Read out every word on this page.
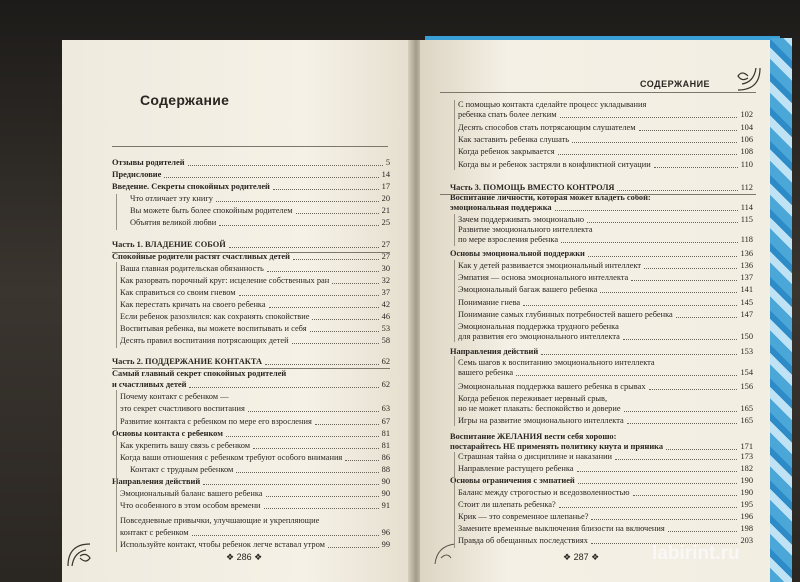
Содержание
СОДЕРЖАНИЕ
❖ 286 ❖	❖ 287 ❖	labirint.ru
Отзывы родителей	5
Предисловие	14
Введение. Секреты спокойных родителей	17
Что отличает эту книгу	20
Вы можете быть более спокойным родителем	21
Объятия великой любви	25
Часть 1. ВЛАДЕНИЕ СОБОЙ	27
Спокойные родители растят счастливых детей	27
Ваша главная родительская обязанность	30
Как разорвать порочный круг: исцеление собственных ран	32
Как справиться со своим гневом	37
Как перестать кричать на своего ребенка	42
Если ребенок разозлился: как сохранять спокойствие	46
Воспитывая ребенка, вы можете воспитывать и себя	53
Десять правил воспитания потрясающих детей	58
Часть 2. ПОДДЕРЖАНИЕ КОНТАКТА	62
Самый главный секрет спокойных родителей
и счастливых детей	62
Почему контакт с ребенком —
это секрет счастливого воспитания	63
Развитие контакта с ребенком по мере его взросления	67
Основы контакта с ребенком	81
Как укрепить вашу связь с ребенком	81
Когда ваши отношения с ребенком требуют особого внимания	86
Контакт с трудным ребенком	88
Направления действий	90
Эмоциональный баланс вашего ребенка	90
Что особенного в этом особом времени	91
Повседневные привычки, улучшающие и укрепляющие
контакт с ребенком	96
Используйте контакт, чтобы ребенок легче вставал утром	99
С помощью контакта сделайте процесс укладывания
ребенка спать более легким	102
Десять способов стать потрясающим слушателем	104
Как заставить ребенка слушать	106
Когда ребенок закрывается	108
Когда вы и ребенок застряли в конфликтной ситуации	110
Часть 3. ПОМОЩЬ ВМЕСТО КОНТРОЛЯ	112
Воспитание личности, которая может владеть собой:
эмоциональная поддержка	114
Зачем поддерживать эмоционально	115
Развитие эмоционального интеллекта
по мере взросления ребенка	118
Основы эмоциональной поддержки	136
Как у детей развивается эмоциональный интеллект	136
Эмпатия — основа эмоционального интеллекта	137
Эмоциональный багаж вашего ребенка	141
Понимание гнева	145
Понимание самых глубинных потребностей вашего ребенка	147
Эмоциональная поддержка трудного ребенка
для развития его эмоционального интеллекта	150
Направления действий	153
Семь шагов к воспитанию эмоционального интеллекта
вашего ребенка	154
Эмоциональная поддержка вашего ребенка в срывах	156
Когда ребенок переживает нервный срыв,
но не может плакать: беспокойство и доверие	165
Игры на развитие эмоционального интеллекта	165
Воспитание ЖЕЛАНИЯ вести себя хорошо:
постарайтесь НЕ применять политику кнута и пряника	171
Страшная тайна о дисциплине и наказании	173
Направление растущего ребенка	182
Основы ограничения с эмпатией	190
Баланс между строгостью и вседозволенностью	190
Стоит ли шлепать ребенка?	195
Крик — это современное шлепанье?	196
Замените временные выключения близости на включения	198
Правда об обещанных последствиях	203
